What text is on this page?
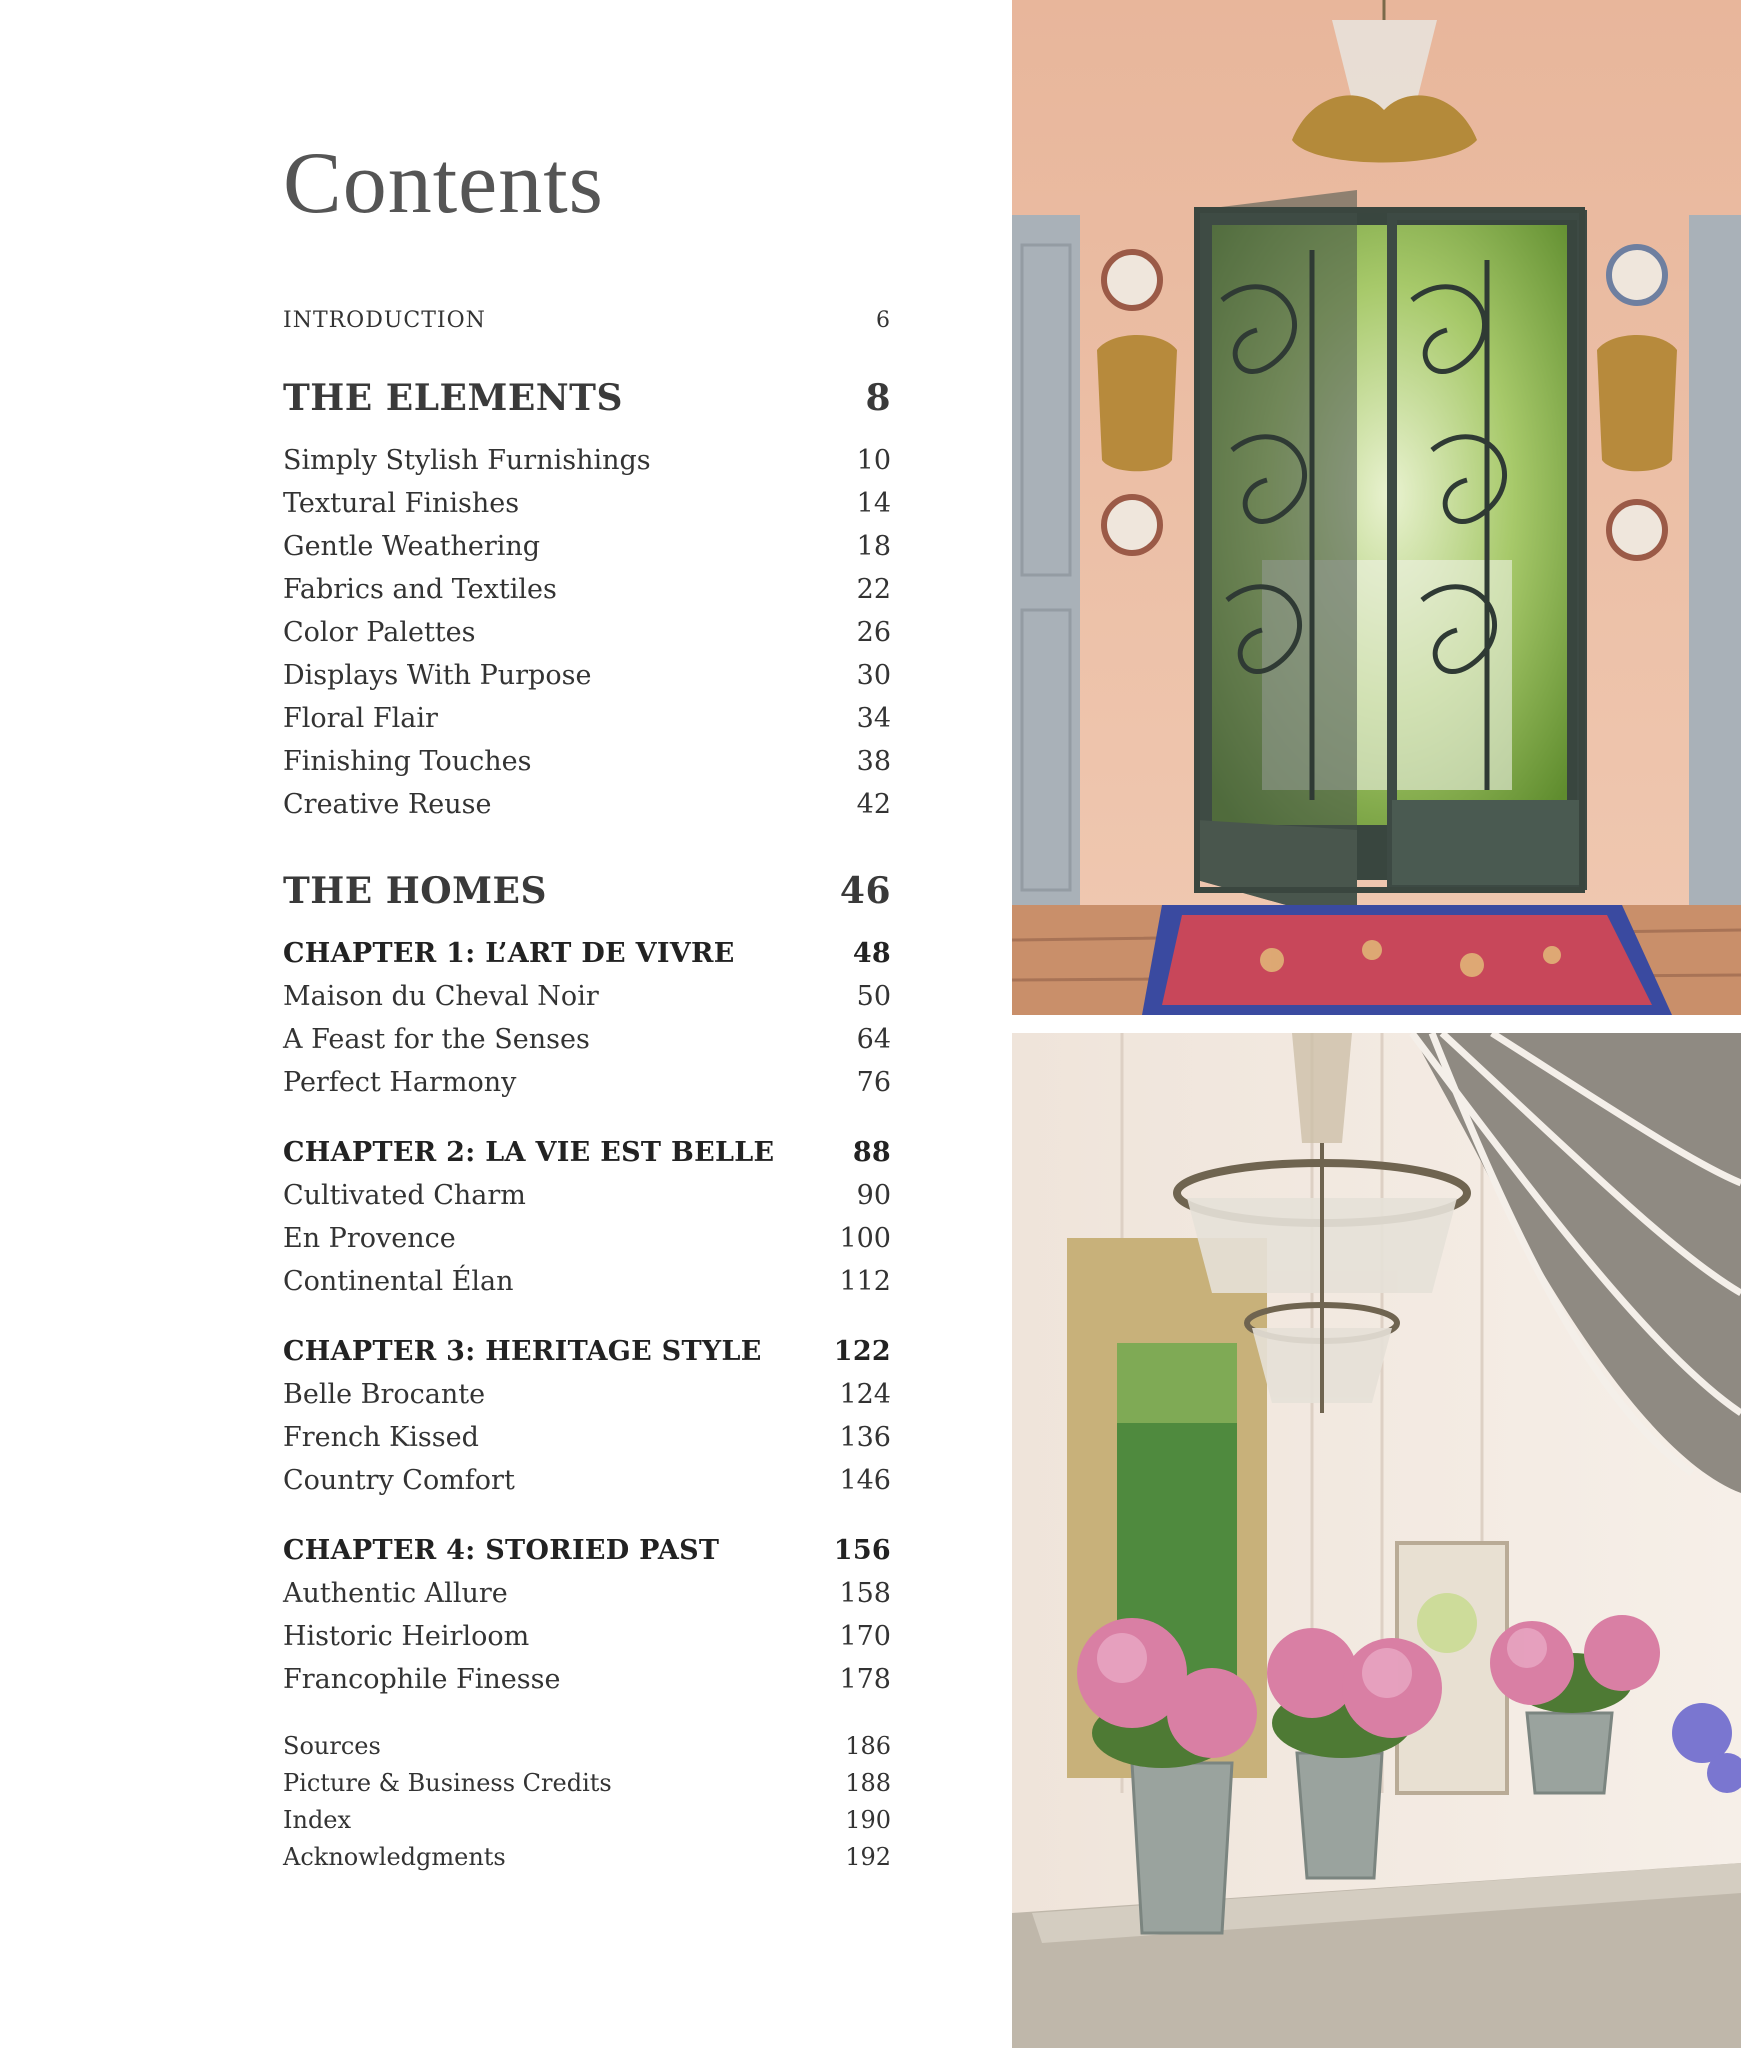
Contents
INTRODUCTION	6
THE ELEMENTS	8
Simply Stylish Furnishings	10
Textural Finishes	14
Gentle Weathering	18
Fabrics and Textiles	22
Color Palettes	26
Displays With Purpose	30
Floral Flair	34
Finishing Touches	38
Creative Reuse	42
THE HOMES	46
CHAPTER 1: L’ART DE VIVRE	48
Maison du Cheval Noir	50
A Feast for the Senses	64
Perfect Harmony	76
CHAPTER 2: LA VIE EST BELLE	88
Cultivated Charm	90
En Provence	100
Continental Élan	112
CHAPTER 3: HERITAGE STYLE	122
Belle Brocante	124
French Kissed	136
Country Comfort	146
CHAPTER 4: STORIED PAST	156
Authentic Allure	158
Historic Heirloom	170
Francophile Finesse	178
Sources	186
Picture & Business Credits	188
Index	190
Acknowledgments	192
